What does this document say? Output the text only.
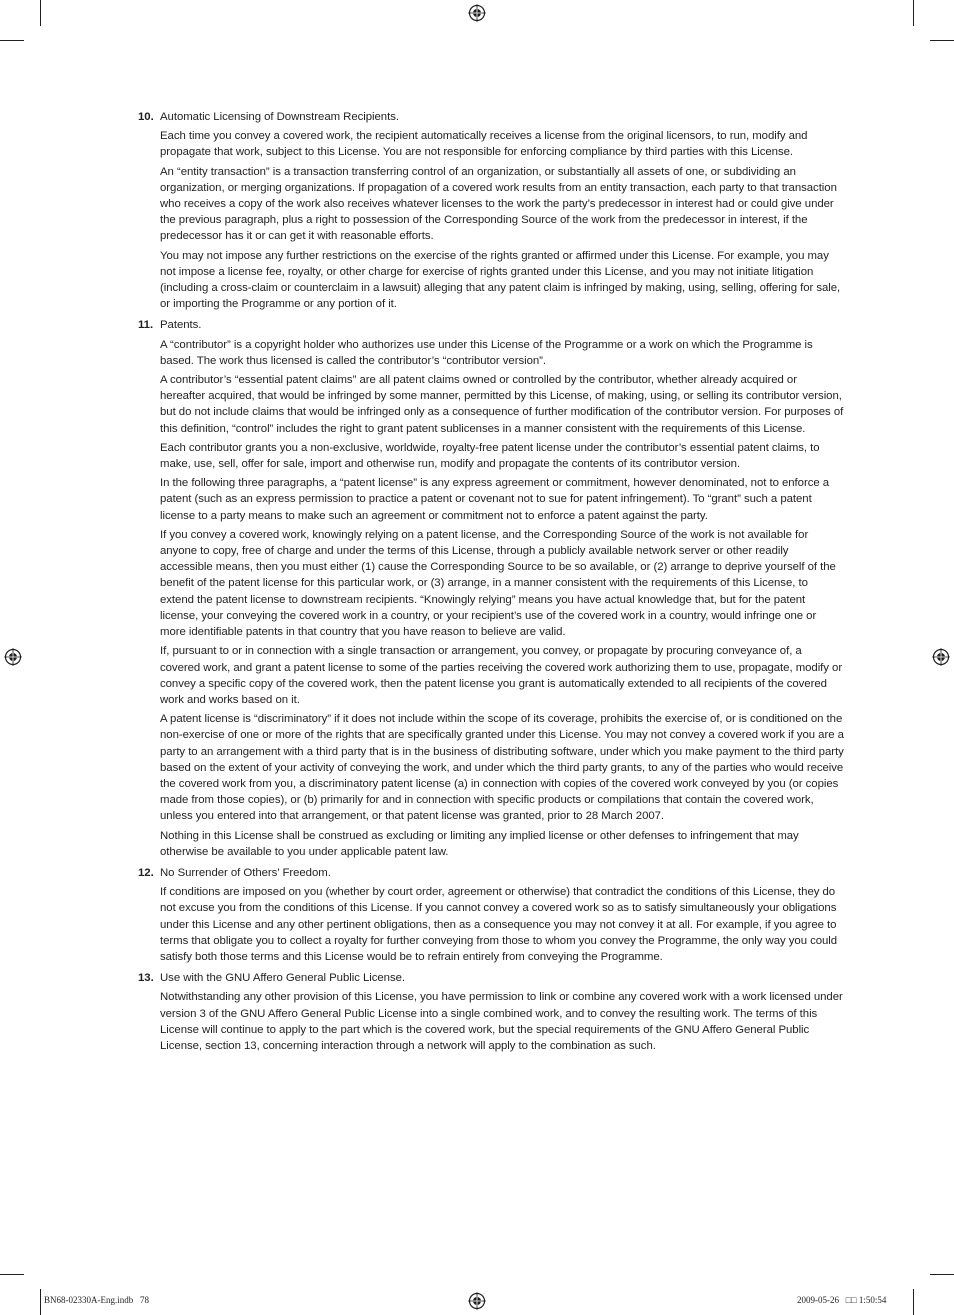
10. Automatic Licensing of Downstream Recipients.

Each time you convey a covered work, the recipient automatically receives a license from the original licensors, to run, modify and propagate that work, subject to this License. You are not responsible for enforcing compliance by third parties with this License.

An “entity transaction” is a transaction transferring control of an organization, or substantially all assets of one, or subdividing an organization, or merging organizations. If propagation of a covered work results from an entity transaction, each party to that transaction who receives a copy of the work also receives whatever licenses to the work the party’s predecessor in interest had or could give under the previous paragraph, plus a right to possession of the Corresponding Source of the work from the predecessor in interest, if the predecessor has it or can get it with reasonable efforts.

You may not impose any further restrictions on the exercise of the rights granted or affirmed under this License. For example, you may not impose a license fee, royalty, or other charge for exercise of rights granted under this License, and you may not initiate litigation (including a cross-claim or counterclaim in a lawsuit) alleging that any patent claim is infringed by making, using, selling, offering for sale, or importing the Programme or any portion of it.

11. Patents.

A “contributor” is a copyright holder who authorizes use under this License of the Programme or a work on which the Programme is based. The work thus licensed is called the contributor’s “contributor version”.

A contributor’s “essential patent claims” are all patent claims owned or controlled by the contributor, whether already acquired or hereafter acquired, that would be infringed by some manner, permitted by this License, of making, using, or selling its contributor version, but do not include claims that would be infringed only as a consequence of further modification of the contributor version. For purposes of this definition, “control” includes the right to grant patent sublicenses in a manner consistent with the requirements of this License.

Each contributor grants you a non-exclusive, worldwide, royalty-free patent license under the contributor’s essential patent claims, to make, use, sell, offer for sale, import and otherwise run, modify and propagate the contents of its contributor version.

In the following three paragraphs, a “patent license” is any express agreement or commitment, however denominated, not to enforce a patent (such as an express permission to practice a patent or covenant not to sue for patent infringement). To “grant” such a patent license to a party means to make such an agreement or commitment not to enforce a patent against the party.

If you convey a covered work, knowingly relying on a patent license, and the Corresponding Source of the work is not available for anyone to copy, free of charge and under the terms of this License, through a publicly available network server or other readily accessible means, then you must either (1) cause the Corresponding Source to be so available, or (2) arrange to deprive yourself of the benefit of the patent license for this particular work, or (3) arrange, in a manner consistent with the requirements of this License, to extend the patent license to downstream recipients. “Knowingly relying” means you have actual knowledge that, but for the patent license, your conveying the covered work in a country, or your recipient’s use of the covered work in a country, would infringe one or more identifiable patents in that country that you have reason to believe are valid.

If, pursuant to or in connection with a single transaction or arrangement, you convey, or propagate by procuring conveyance of, a covered work, and grant a patent license to some of the parties receiving the covered work authorizing them to use, propagate, modify or convey a specific copy of the covered work, then the patent license you grant is automatically extended to all recipients of the covered work and works based on it.

A patent license is “discriminatory” if it does not include within the scope of its coverage, prohibits the exercise of, or is conditioned on the non-exercise of one or more of the rights that are specifically granted under this License. You may not convey a covered work if you are a party to an arrangement with a third party that is in the business of distributing software, under which you make payment to the third party based on the extent of your activity of conveying the work, and under which the third party grants, to any of the parties who would receive the covered work from you, a discriminatory patent license (a) in connection with copies of the covered work conveyed by you (or copies made from those copies), or (b) primarily for and in connection with specific products or compilations that contain the covered work, unless you entered into that arrangement, or that patent license was granted, prior to 28 March 2007.

Nothing in this License shall be construed as excluding or limiting any implied license or other defenses to infringement that may otherwise be available to you under applicable patent law.

12. No Surrender of Others’ Freedom.

If conditions are imposed on you (whether by court order, agreement or otherwise) that contradict the conditions of this License, they do not excuse you from the conditions of this License. If you cannot convey a covered work so as to satisfy simultaneously your obligations under this License and any other pertinent obligations, then as a consequence you may not convey it at all. For example, if you agree to terms that obligate you to collect a royalty for further conveying from those to whom you convey the Programme, the only way you could satisfy both those terms and this License would be to refrain entirely from conveying the Programme.

13. Use with the GNU Affero General Public License.

Notwithstanding any other provision of this License, you have permission to link or combine any covered work with a work licensed under version 3 of the GNU Affero General Public License into a single combined work, and to convey the resulting work. The terms of this License will continue to apply to the part which is the covered work, but the special requirements of the GNU Affero General Public License, section 13, concerning interaction through a network will apply to the combination as such.

BN68-02330A-Eng.indb   78	2009-05-26   □□ 1:50:54
